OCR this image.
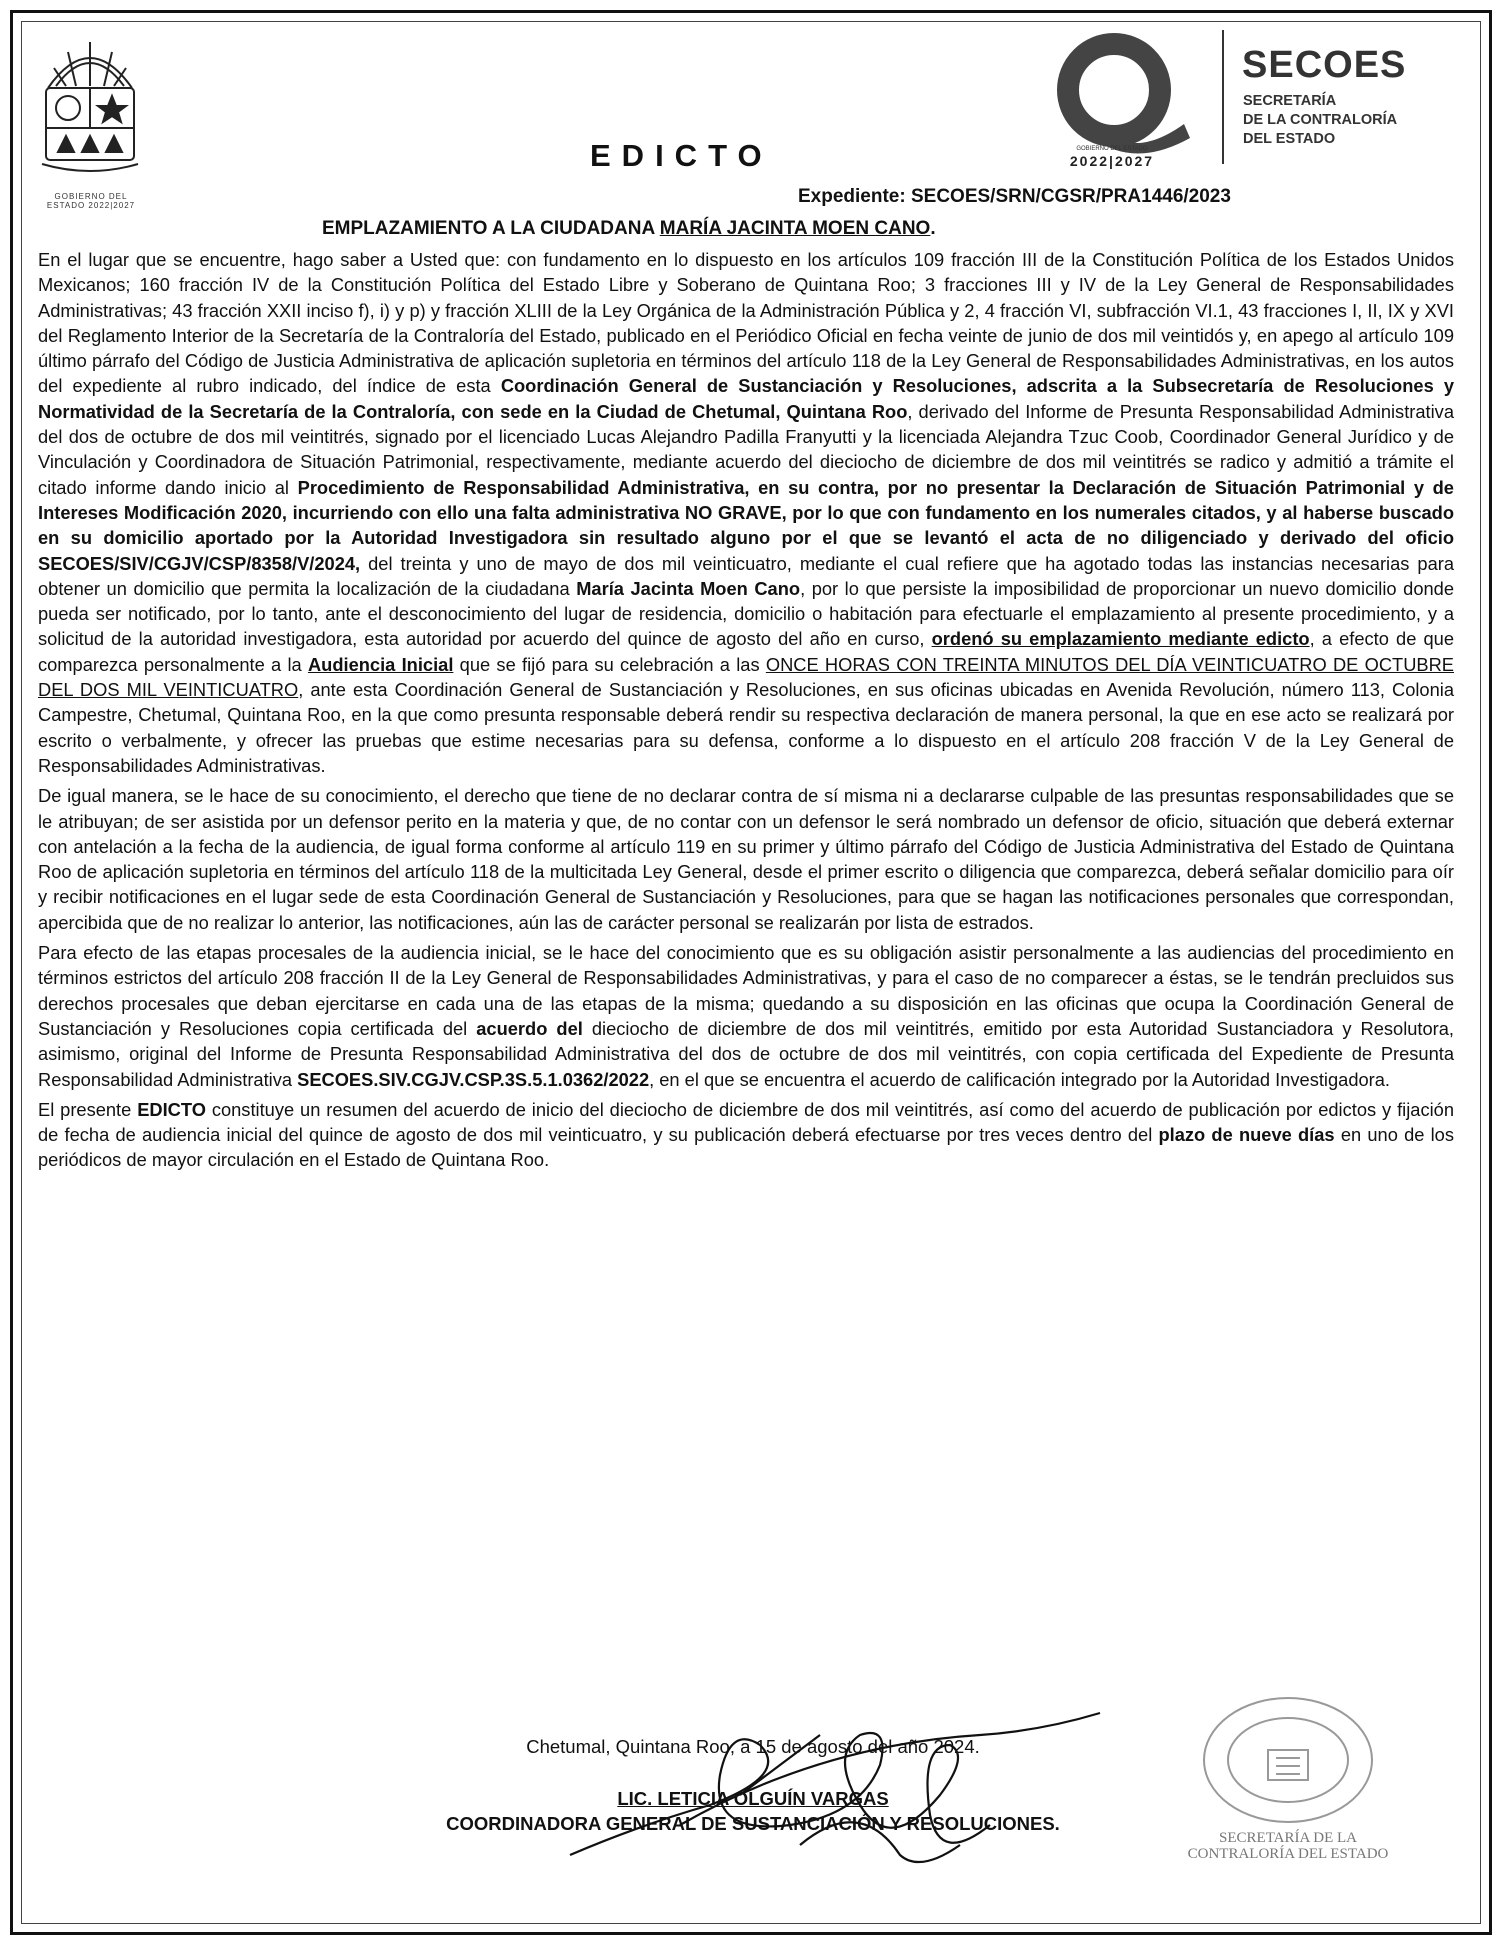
GOBIERNO DEL ESTADO 2022|2027
EDICTO	GOBIERNO DEL ESTADO
2022|2027
SECOES
SECRETARÍA
DE LA CONTRALORÍA
DEL ESTADO
Expediente: SECOES/SRN/CGSR/PRA1446/2023
EMPLAZAMIENTO A LA CIUDADANA MARÍA JACINTA MOEN CANO.

En el lugar que se encuentre, hago saber a Usted que: con fundamento en lo dispuesto en los artículos 109 fracción III de la Constitución Política de los Estados Unidos Mexicanos; 160 fracción IV de la Constitución Política del Estado Libre y Soberano de Quintana Roo; 3 fracciones III y IV de la Ley General de Responsabilidades Administrativas; 43 fracción XXII inciso f), i) y p) y fracción XLIII de la Ley Orgánica de la Administración Pública y 2, 4 fracción VI, subfracción VI.1, 43 fracciones I, II, IX y XVI del Reglamento Interior de la Secretaría de la Contraloría del Estado, publicado en el Periódico Oficial en fecha veinte de junio de dos mil veintidós y, en apego al artículo 109 último párrafo del Código de Justicia Administrativa de aplicación supletoria en términos del artículo 118 de la Ley General de Responsabilidades Administrativas, en los autos del expediente al rubro indicado, del índice de esta Coordinación General de Sustanciación y Resoluciones, adscrita a la Subsecretaría de Resoluciones y Normatividad de la Secretaría de la Contraloría, con sede en la Ciudad de Chetumal, Quintana Roo, derivado del Informe de Presunta Responsabilidad Administrativa del dos de octubre de dos mil veintitrés, signado por el licenciado Lucas Alejandro Padilla Franyutti y la licenciada Alejandra Tzuc Coob, Coordinador General Jurídico y de Vinculación y Coordinadora de Situación Patrimonial, respectivamente, mediante acuerdo del dieciocho de diciembre de dos mil veintitrés se radico y admitió a trámite el citado informe dando inicio al Procedimiento de Responsabilidad Administrativa, en su contra, por no presentar la Declaración de Situación Patrimonial y de Intereses Modificación 2020, incurriendo con ello una falta administrativa NO GRAVE, por lo que con fundamento en los numerales citados, y al haberse buscado en su domicilio aportado por la Autoridad Investigadora sin resultado alguno por el que se levantó el acta de no diligenciado y derivado del oficio SECOES/SIV/CGJV/CSP/8358/V/2024, del treinta y uno de mayo de dos mil veinticuatro, mediante el cual refiere que ha agotado todas las instancias necesarias para obtener un domicilio que permita la localización de la ciudadana María Jacinta Moen Cano, por lo que persiste la imposibilidad de proporcionar un nuevo domicilio donde pueda ser notificado, por lo tanto, ante el desconocimiento del lugar de residencia, domicilio o habitación para efectuarle el emplazamiento al presente procedimiento, y a solicitud de la autoridad investigadora, esta autoridad por acuerdo del quince de agosto del año en curso, ordenó su emplazamiento mediante edicto, a efecto de que comparezca personalmente a la Audiencia Inicial que se fijó para su celebración a las ONCE HORAS CON TREINTA MINUTOS DEL DÍA VEINTICUATRO DE OCTUBRE DEL DOS MIL VEINTICUATRO, ante esta Coordinación General de Sustanciación y Resoluciones, en sus oficinas ubicadas en Avenida Revolución, número 113, Colonia Campestre, Chetumal, Quintana Roo, en la que como presunta responsable deberá rendir su respectiva declaración de manera personal, la que en ese acto se realizará por escrito o verbalmente, y ofrecer las pruebas que estime necesarias para su defensa, conforme a lo dispuesto en el artículo 208 fracción V de la Ley General de Responsabilidades Administrativas.

De igual manera, se le hace de su conocimiento, el derecho que tiene de no declarar contra de sí misma ni a declararse culpable de las presuntas responsabilidades que se le atribuyan; de ser asistida por un defensor perito en la materia y que, de no contar con un defensor le será nombrado un defensor de oficio, situación que deberá externar con antelación a la fecha de la audiencia, de igual forma conforme al artículo 119 en su primer y último párrafo del Código de Justicia Administrativa del Estado de Quintana Roo de aplicación supletoria en términos del artículo 118 de la multicitada Ley General, desde el primer escrito o diligencia que comparezca, deberá señalar domicilio para oír y recibir notificaciones en el lugar sede de esta Coordinación General de Sustanciación y Resoluciones, para que se hagan las notificaciones personales que correspondan, apercibida que de no realizar lo anterior, las notificaciones, aún las de carácter personal se realizarán por lista de estrados.

Para efecto de las etapas procesales de la audiencia inicial, se le hace del conocimiento que es su obligación asistir personalmente a las audiencias del procedimiento en términos estrictos del artículo 208 fracción II de la Ley General de Responsabilidades Administrativas, y para el caso de no comparecer a éstas, se le tendrán precluidos sus derechos procesales que deban ejercitarse en cada una de las etapas de la misma; quedando a su disposición en las oficinas que ocupa la Coordinación General de Sustanciación y Resoluciones copia certificada del acuerdo del dieciocho de diciembre de dos mil veintitrés, emitido por esta Autoridad Sustanciadora y Resolutora, asimismo, original del Informe de Presunta Responsabilidad Administrativa del dos de octubre de dos mil veintitrés, con copia certificada del Expediente de Presunta Responsabilidad Administrativa SECOES.SIV.CGJV.CSP.3S.5.1.0362/2022, en el que se encuentra el acuerdo de calificación integrado por la Autoridad Investigadora.

El presente EDICTO constituye un resumen del acuerdo de inicio del dieciocho de diciembre de dos mil veintitrés, así como del acuerdo de publicación por edictos y fijación de fecha de audiencia inicial del quince de agosto de dos mil veinticuatro, y su publicación deberá efectuarse por tres veces dentro del plazo de nueve días en uno de los periódicos de mayor circulación en el Estado de Quintana Roo.

Chetumal, Quintana Roo, a 15 de agosto del año 2024.
LIC. LETICIA OLGUÍN VARGAS
COORDINADORA GENERAL DE SUSTANCIACIÓN Y RESOLUCIONES.
SECRETARÍA DE LA CONTRALORÍA DEL ESTADO
